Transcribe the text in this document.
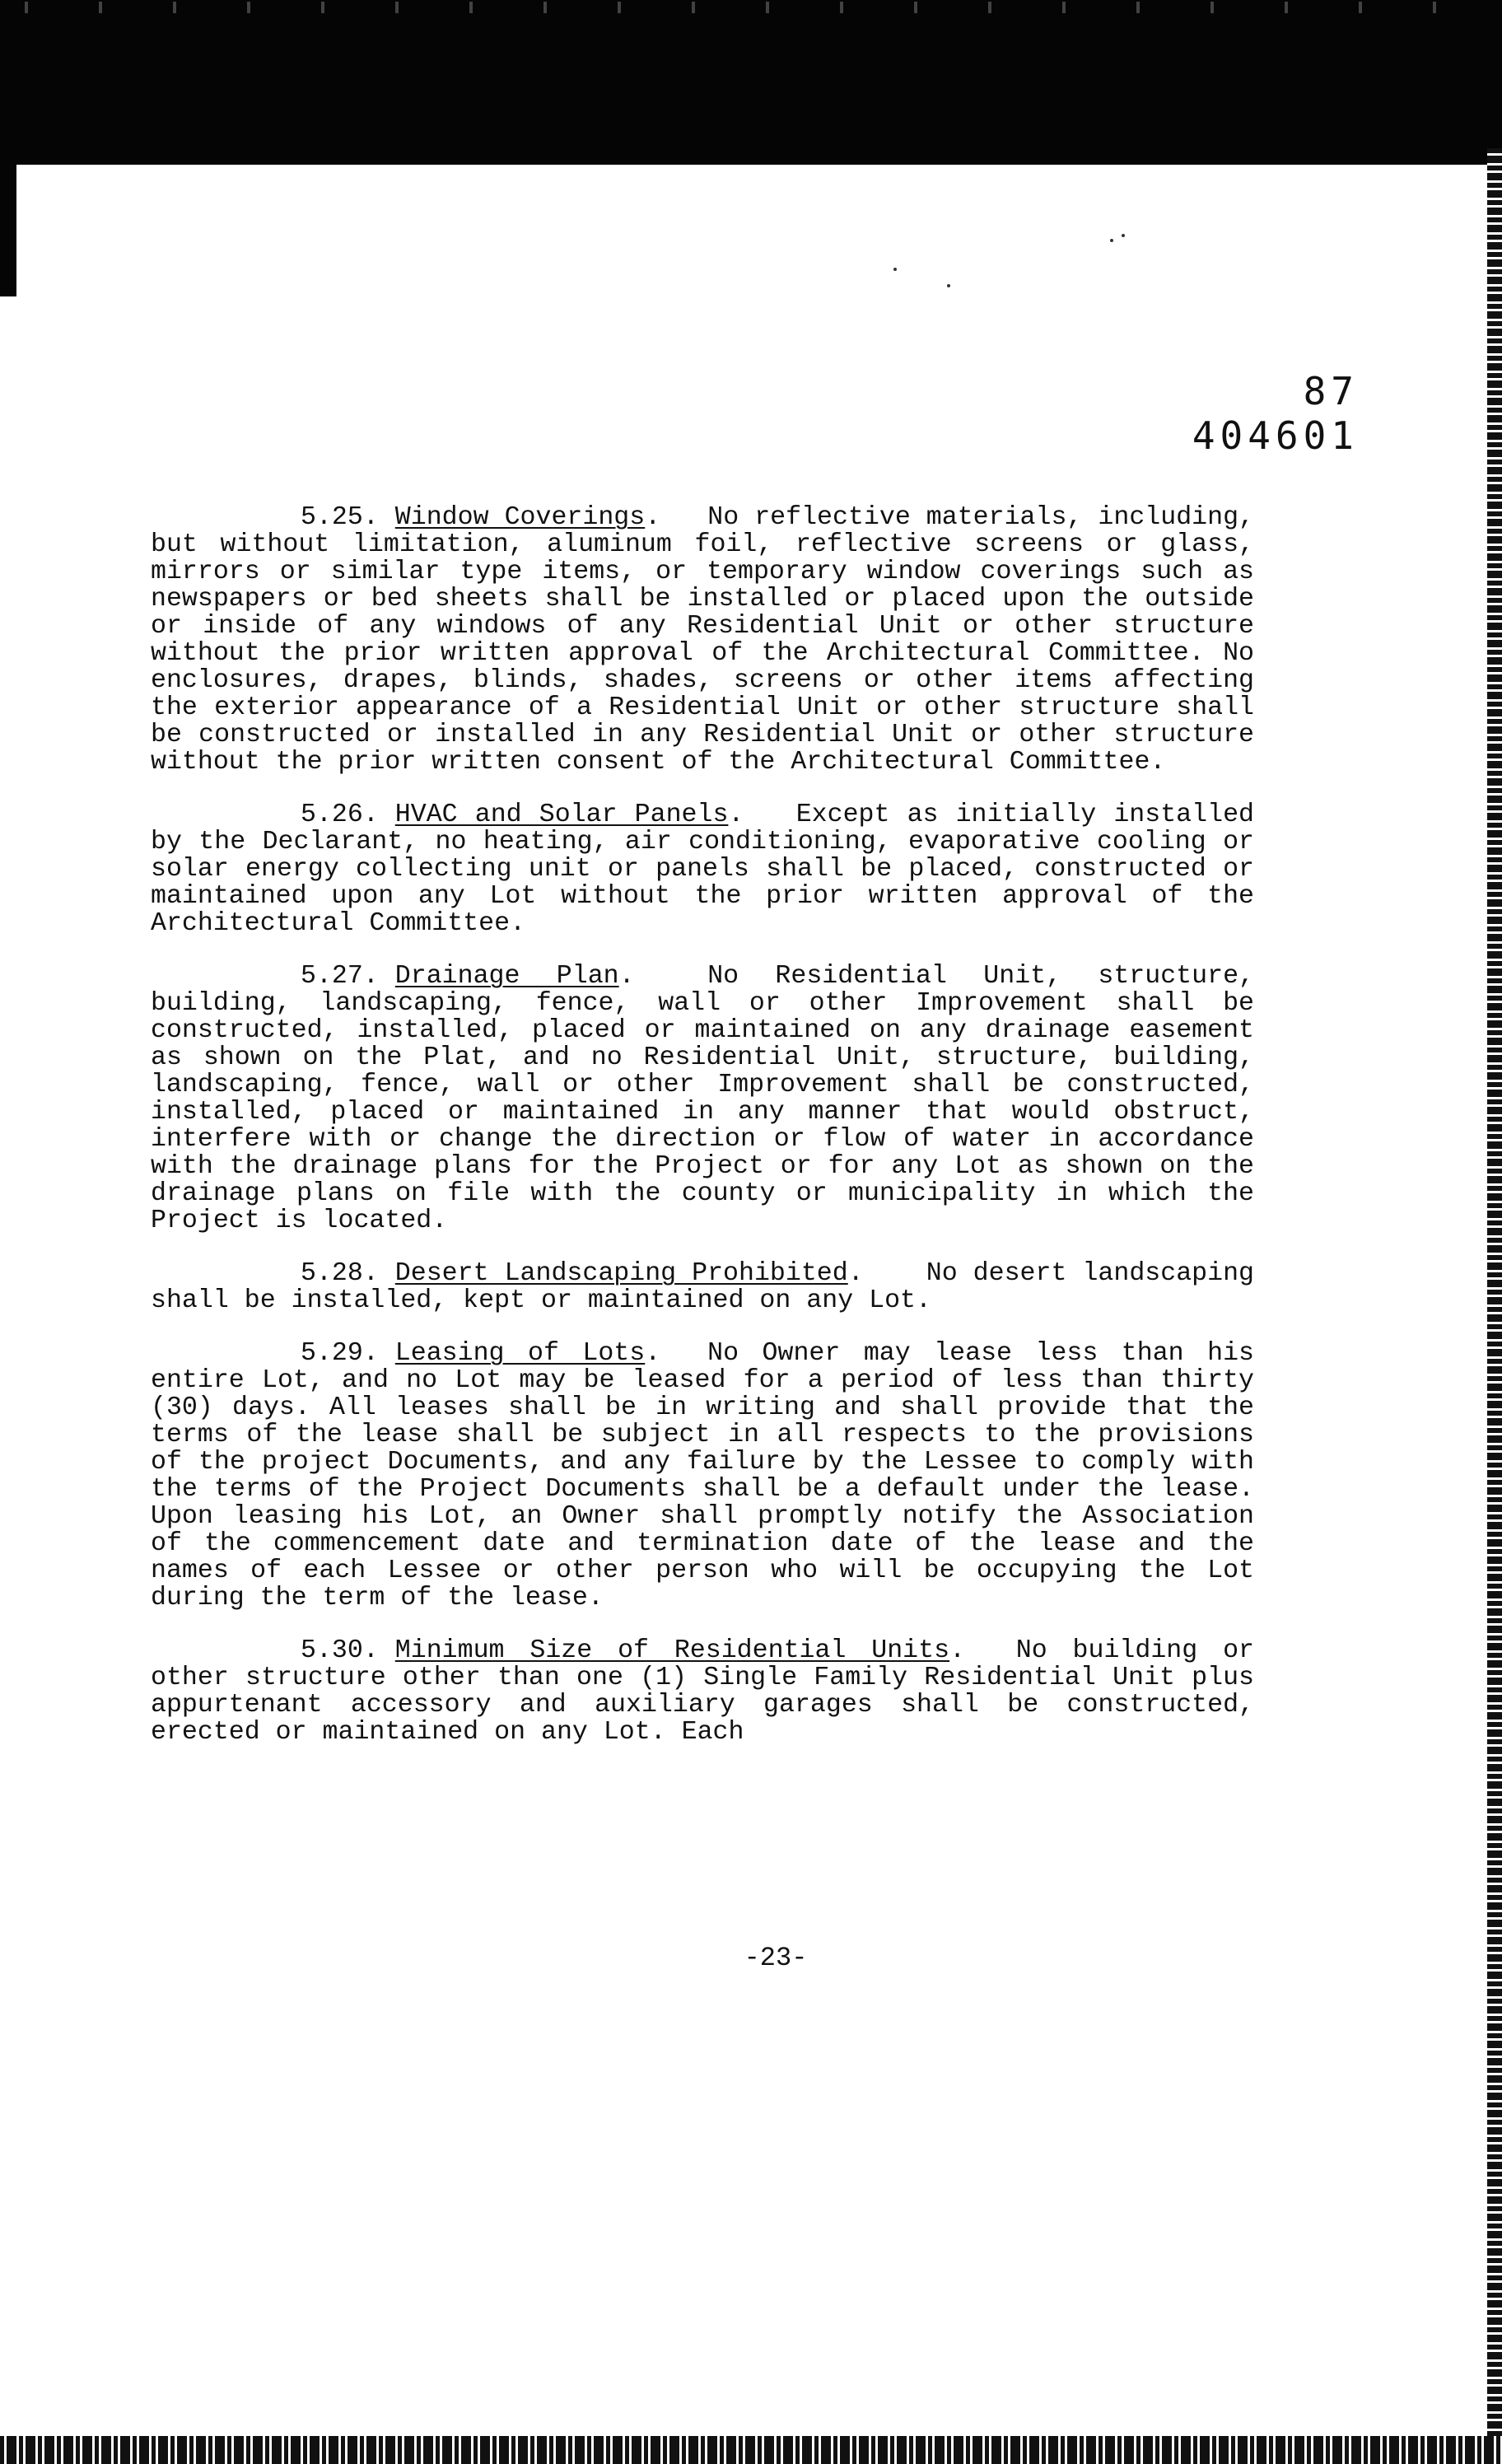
87 404601

5.25. Window Coverings.   No reflective materials, including, but without limitation, aluminum foil, reflective screens or glass, mirrors or similar type items, or temporary window coverings such as newspapers or bed sheets shall be installed or placed upon the outside or inside of any windows of any Residential Unit or other structure without the prior written approval of the Architectural Committee. No enclosures, drapes, blinds, shades, screens or other items affecting the exterior appearance of a Residential Unit or other structure shall be constructed or installed in any Residential Unit or other structure without the prior written consent of the Architectural Committee.

5.26. HVAC and Solar Panels.   Except as initially installed by the Declarant, no heating, air conditioning, evaporative cooling or solar energy collecting unit or panels shall be placed, constructed or maintained upon any Lot without the prior written approval of the Architectural Committee.

5.27. Drainage Plan.  No Residential Unit, structure, building, landscaping, fence, wall or other Improvement shall be constructed, installed, placed or maintained on any drainage easement as shown on the Plat, and no Residential Unit, structure, building, landscaping, fence, wall or other Improvement shall be constructed, installed, placed or maintained in any manner that would obstruct, interfere with or change the direction or flow of water in accordance with the drainage plans for the Project or for any Lot as shown on the drainage plans on file with the county or municipality in which the Project is located.

5.28. Desert Landscaping Prohibited.    No desert landscaping shall be installed, kept or maintained on any Lot.

5.29. Leasing of Lots.  No Owner may lease less than his entire Lot, and no Lot may be leased for a period of less than thirty (30) days. All leases shall be in writing and shall provide that the terms of the lease shall be subject in all respects to the provisions of the project Documents, and any failure by the Lessee to comply with the terms of the Project Documents shall be a default under the lease. Upon leasing his Lot, an Owner shall promptly notify the Association of the commencement date and termination date of the lease and the names of each Lessee or other person who will be occupying the Lot during the term of the lease.

5.30. Minimum Size of Residential Units.  No building or other structure other than one (1) Single Family Residential Unit plus appurtenant accessory and auxiliary garages shall be constructed, erected or maintained on any Lot. Each

-23-
